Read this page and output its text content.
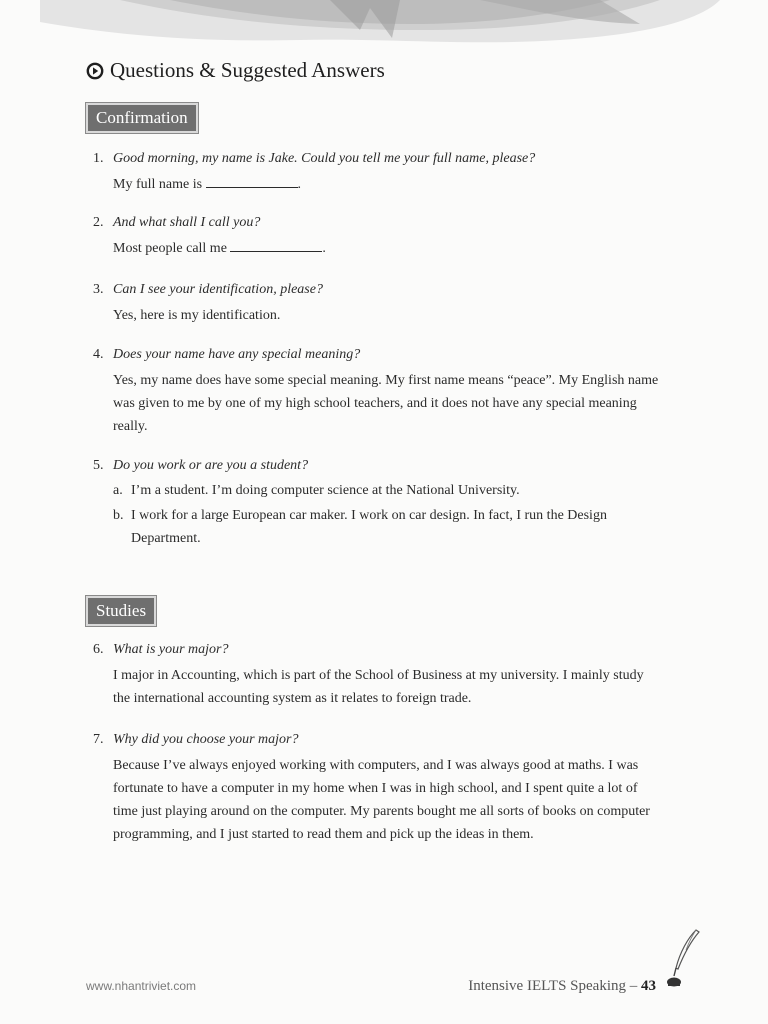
Questions & Suggested Answers
Confirmation
1. Good morning, my name is Jake. Could you tell me your full name, please?
My full name is	.
2. And what shall I call you?
Most people call me	.
3. Can I see your identification, please?
Yes, here is my identification.
4. Does your name have any special meaning?
Yes, my name does have some special meaning. My first name means “peace”. My English name was given to me by one of my high school teachers, and it does not have any special meaning really.
5. Do you work or are you a student?
a. I’m a student. I’m doing computer science at the National University.
b. I work for a large European car maker. I work on car design. In fact, I run the Design Department.
Studies
6. What is your major?
I major in Accounting, which is part of the School of Business at my university. I mainly study the international accounting system as it relates to foreign trade.
7. Why did you choose your major?
Because I’ve always enjoyed working with computers, and I was always good at maths. I was fortunate to have a computer in my home when I was in high school, and I spent quite a lot of time just playing around on the computer. My parents bought me all sorts of books on computer programming, and I just started to read them and pick up the ideas in them.
www.nhantriviet.com	Intensive IELTS Speaking – 43
